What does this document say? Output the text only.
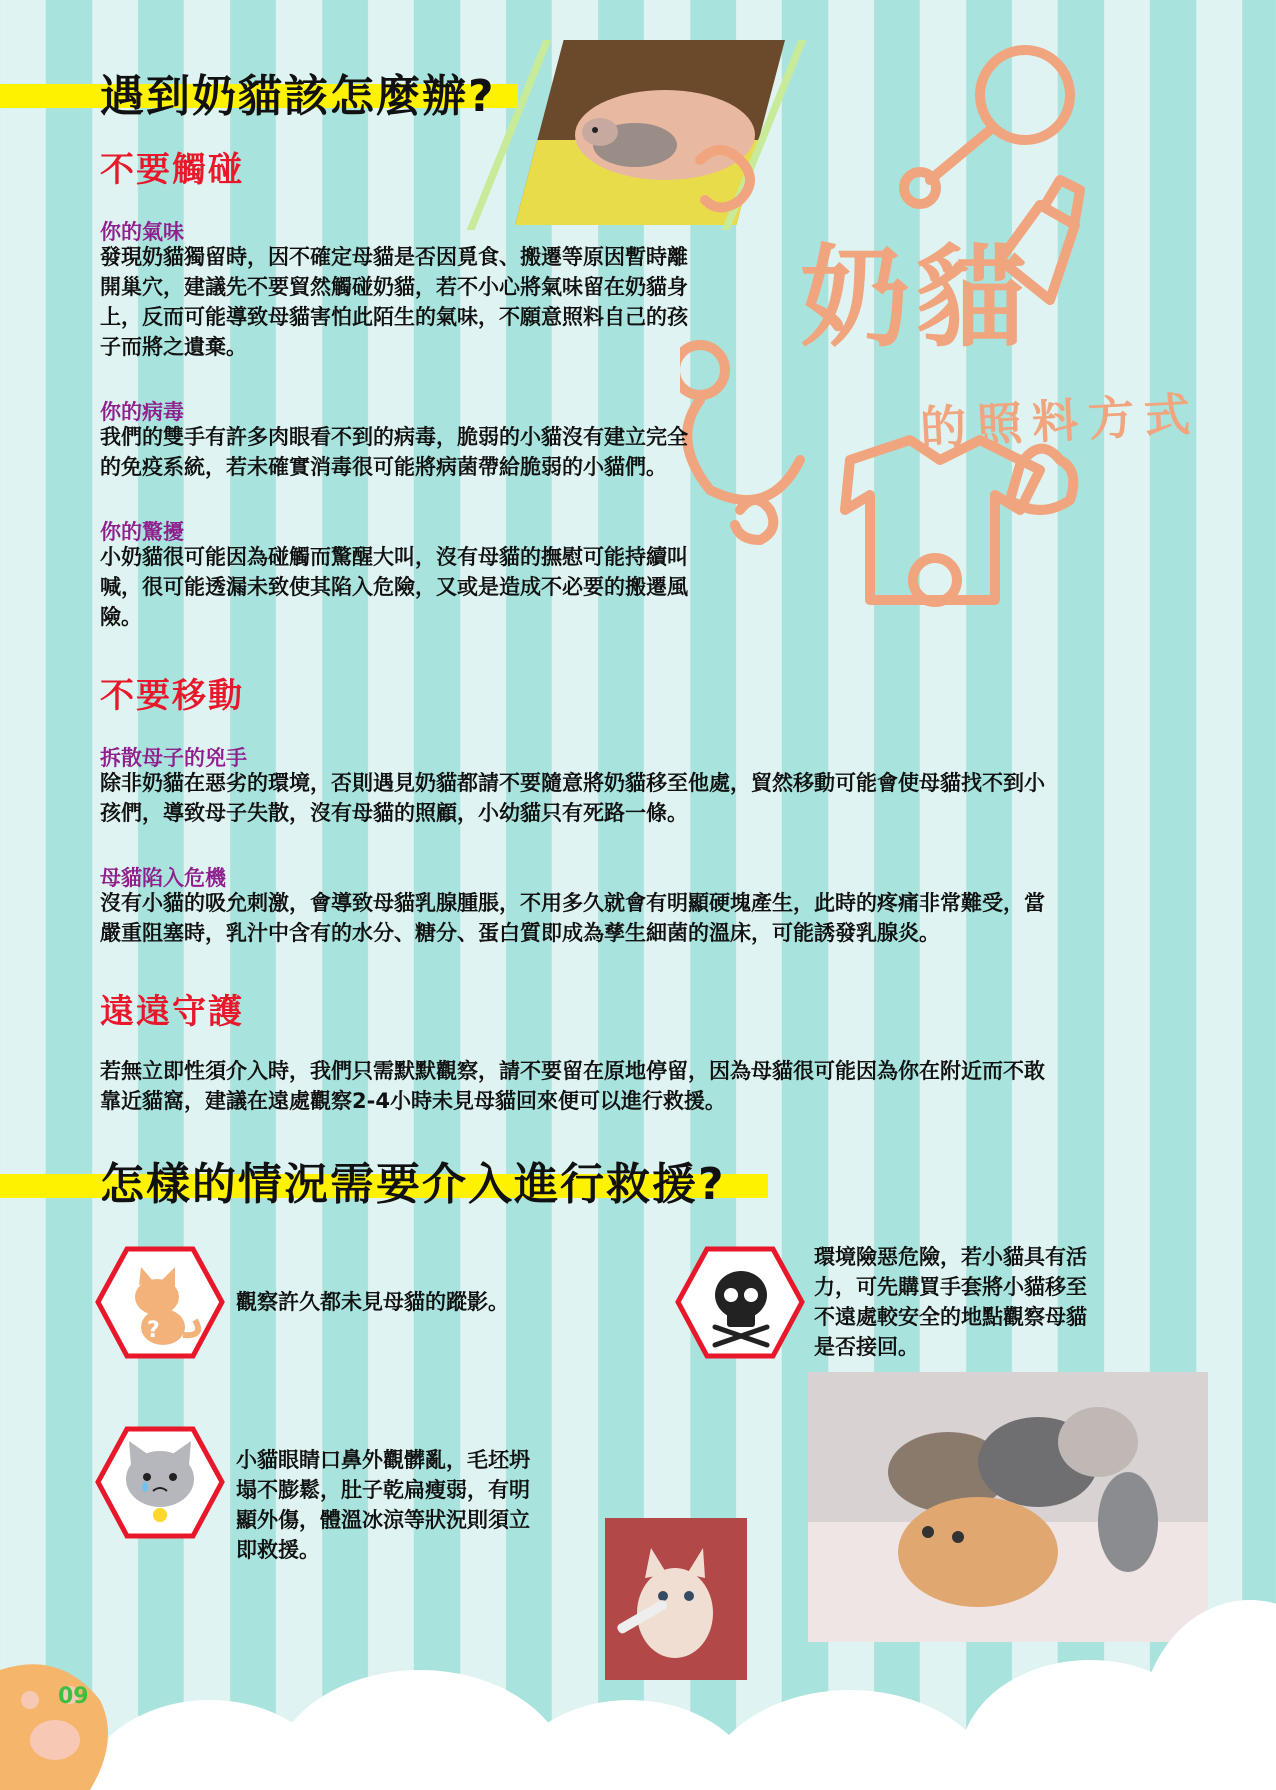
遇到奶貓該怎麼辦?
奶貓
的照料方式
不要觸碰
你的氣味
發現奶貓獨留時，因不確定母貓是否因覓食、搬遷等原因暫時離
開巢穴，建議先不要貿然觸碰奶貓，若不小心將氣味留在奶貓身
上，反而可能導致母貓害怕此陌生的氣味，不願意照料自己的孩
子而將之遺棄。
你的病毒
我們的雙手有許多肉眼看不到的病毒，脆弱的小貓沒有建立完全
的免疫系統，若未確實消毒很可能將病菌帶給脆弱的小貓們。
你的驚擾
小奶貓很可能因為碰觸而驚醒大叫，沒有母貓的撫慰可能持續叫
喊，很可能透漏未致使其陷入危險，又或是造成不必要的搬遷風
險。
不要移動
拆散母子的兇手
除非奶貓在惡劣的環境，否則遇見奶貓都請不要隨意將奶貓移至他處，貿然移動可能會使母貓找不到小
孩們，導致母子失散，沒有母貓的照顧，小幼貓只有死路一條。
母貓陷入危機
沒有小貓的吸允刺激，會導致母貓乳腺腫脹，不用多久就會有明顯硬塊產生，此時的疼痛非常難受，當
嚴重阻塞時，乳汁中含有的水分、糖分、蛋白質即成為孳生細菌的溫床，可能誘發乳腺炎。
遠遠守護
若無立即性須介入時，我們只需默默觀察，請不要留在原地停留，因為母貓很可能因為你在附近而不敢
靠近貓窩，建議在遠處觀察2-4小時未見母貓回來便可以進行救援。
怎樣的情況需要介入進行救援?
?
觀察許久都未見母貓的蹤影。
環境險惡危險，若小貓具有活
力，可先購買手套將小貓移至
不遠處較安全的地點觀察母貓
是否接回。
小貓眼睛口鼻外觀髒亂，毛坯坍
塌不膨鬆，肚子乾扁瘦弱，有明
顯外傷，體溫冰涼等狀況則須立
即救援。
09
